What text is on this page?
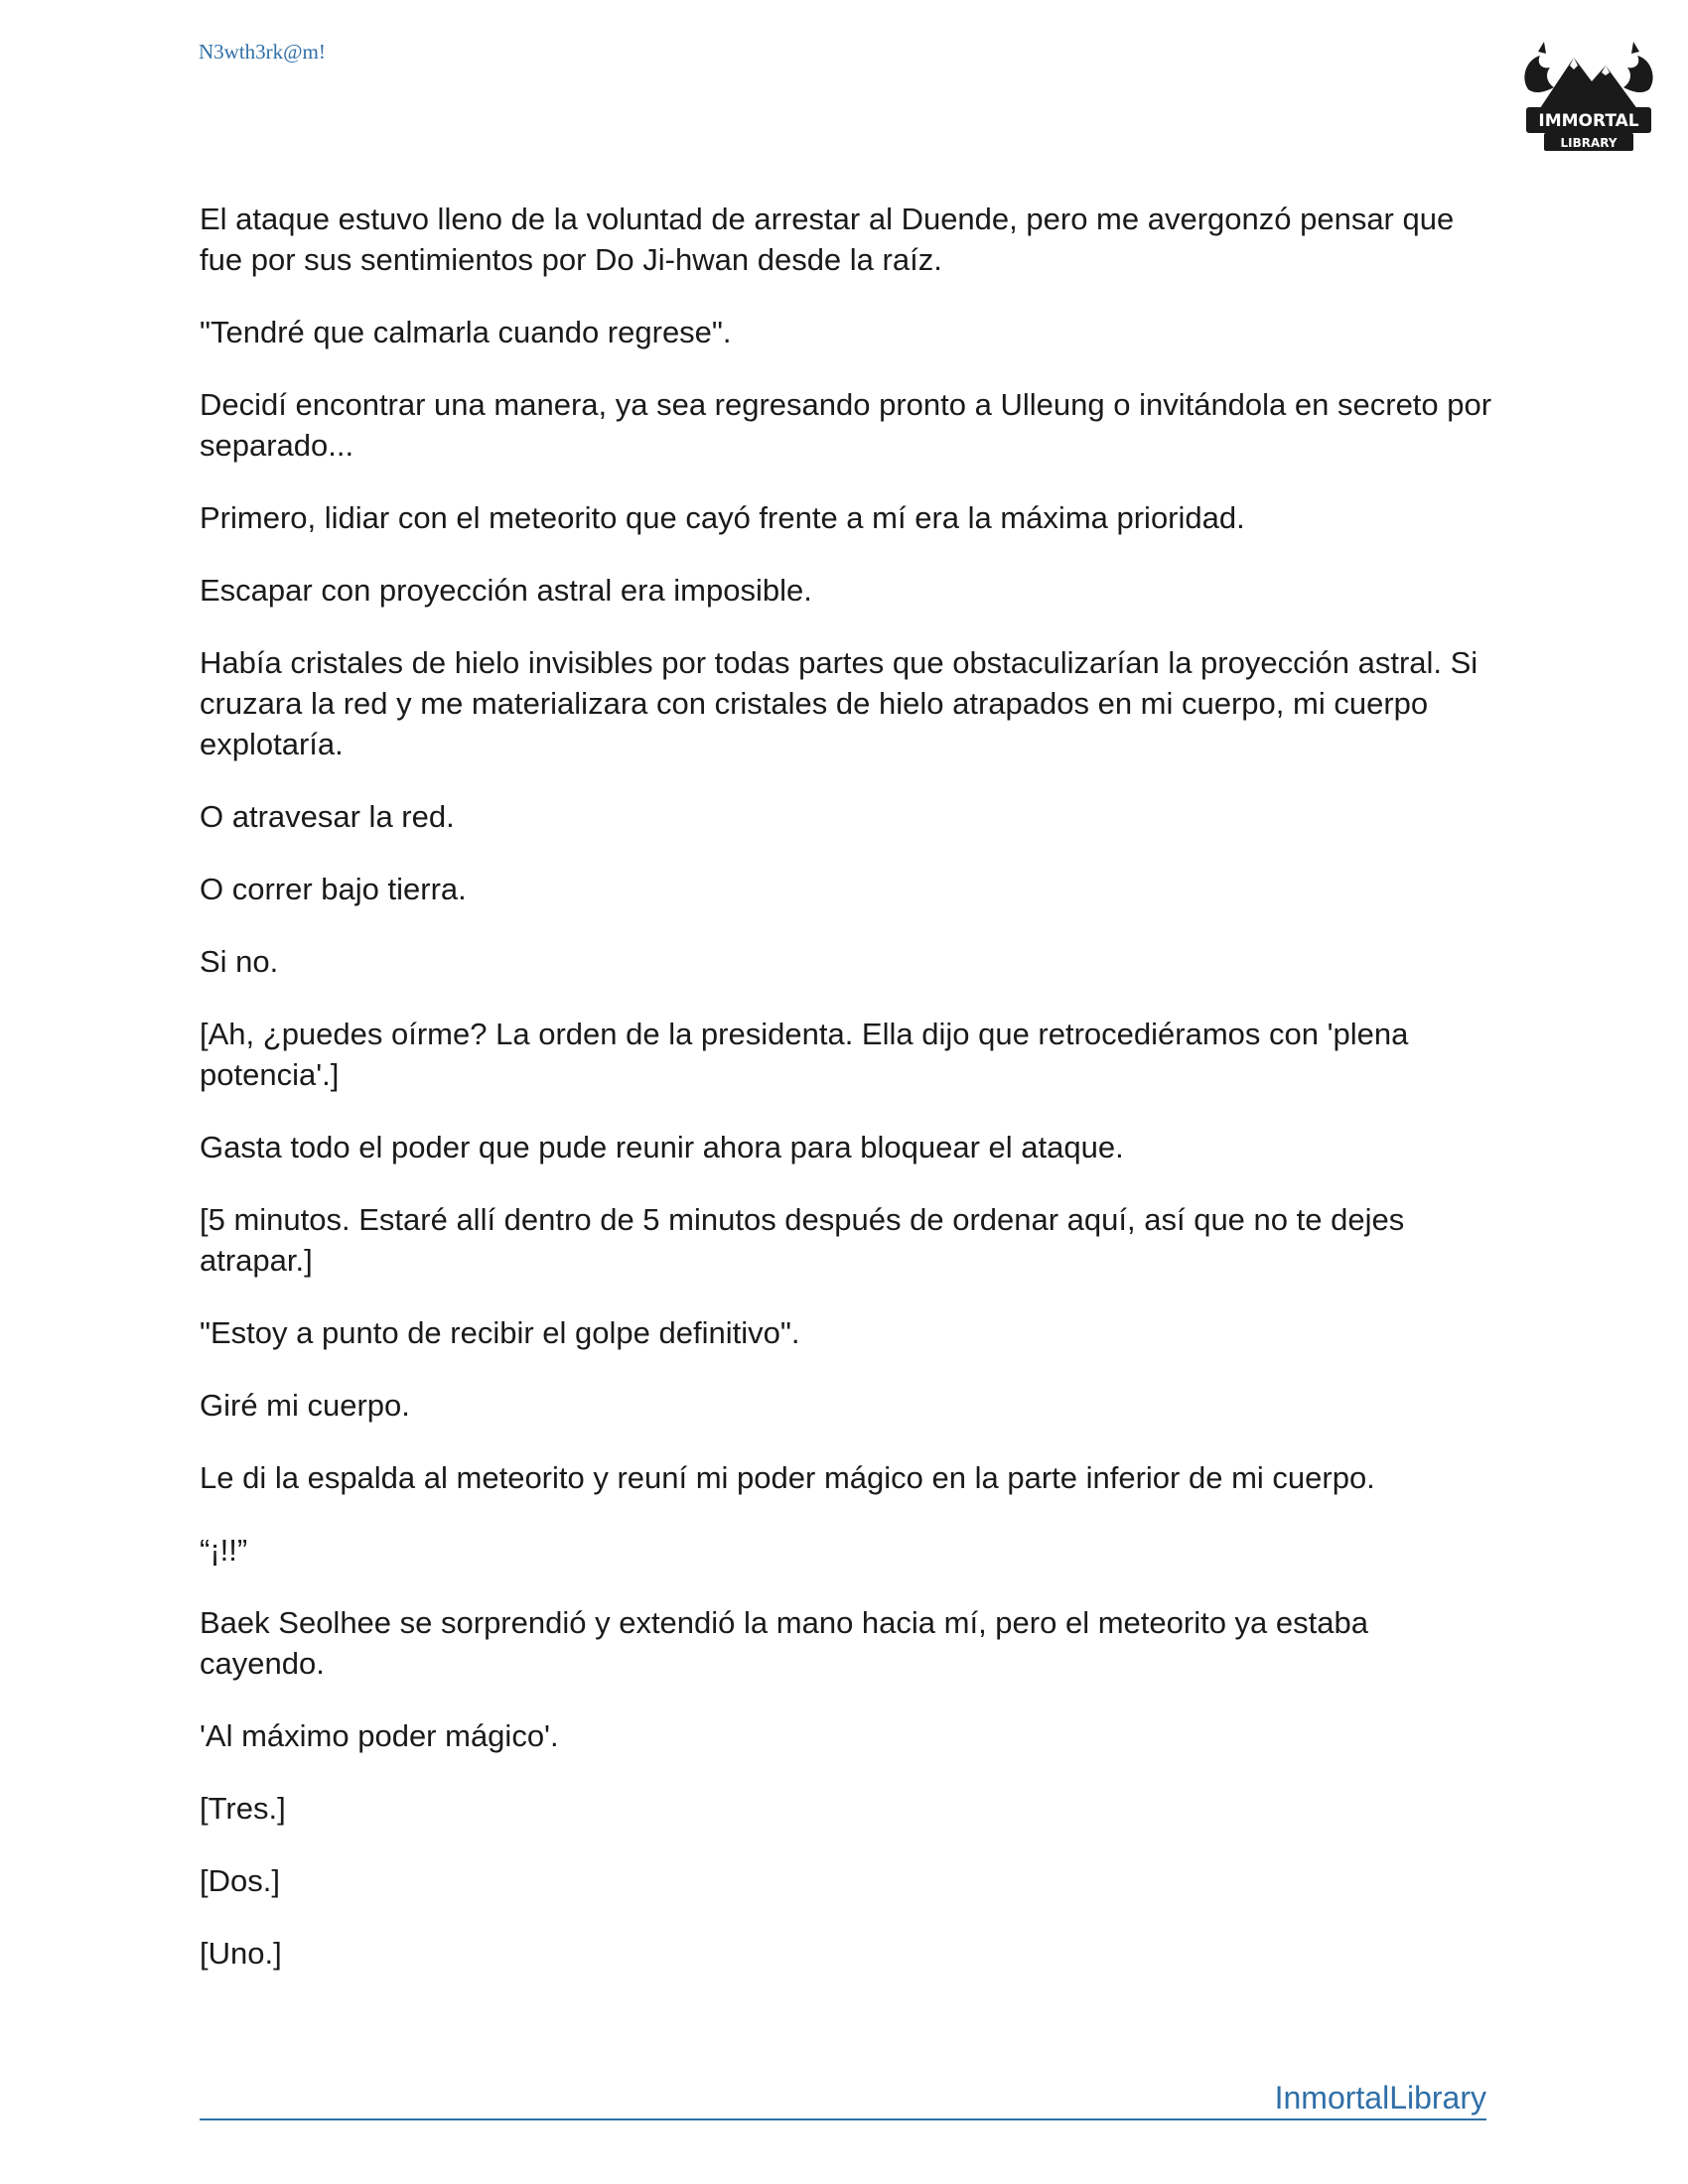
N3wth3rk@m!
IMMORTAL
LIBRARY

El ataque estuvo lleno de la voluntad de arrestar al Duende, pero me avergonzó pensar que fue por sus sentimientos por Do Ji-hwan desde la raíz.

"Tendré que calmarla cuando regrese".

Decidí encontrar una manera, ya sea regresando pronto a Ulleung o invitándola en secreto por separado...

Primero, lidiar con el meteorito que cayó frente a mí era la máxima prioridad.

Escapar con proyección astral era imposible.

Había cristales de hielo invisibles por todas partes que obstaculizarían la proyección astral. Si cruzara la red y me materializara con cristales de hielo atrapados en mi cuerpo, mi cuerpo explotaría.

O atravesar la red.

O correr bajo tierra.

Si no.

[Ah, ¿puedes oírme? La orden de la presidenta. Ella dijo que retrocediéramos con 'plena potencia'.]

Gasta todo el poder que pude reunir ahora para bloquear el ataque.

[5 minutos. Estaré allí dentro de 5 minutos después de ordenar aquí, así que no te dejes atrapar.]

"Estoy a punto de recibir el golpe definitivo".

Giré mi cuerpo.

Le di la espalda al meteorito y reuní mi poder mágico en la parte inferior de mi cuerpo.

“¡!!”

Baek Seolhee se sorprendió y extendió la mano hacia mí, pero el meteorito ya estaba cayendo.

'Al máximo poder mágico'.

[Tres.]

[Dos.]

[Uno.]

InmortalLibrary
